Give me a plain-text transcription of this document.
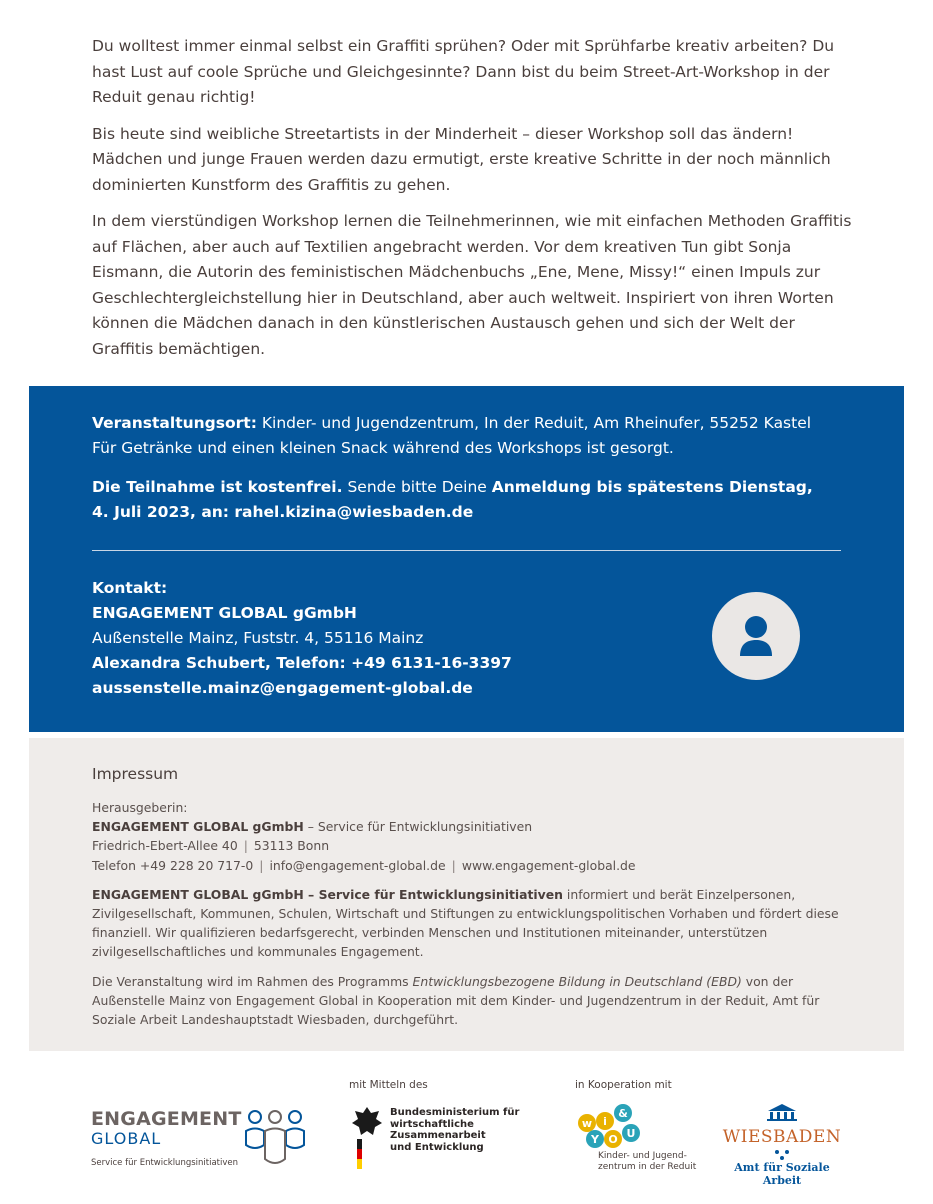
Du wolltest immer einmal selbst ein Graffiti sprühen? Oder mit Sprühfarbe kreativ arbeiten? Du hast Lust auf coole Sprüche und Gleichgesinnte? Dann bist du beim Street-Art-Workshop in der Reduit genau richtig!

Bis heute sind weibliche Streetartists in der Minderheit – dieser Workshop soll das ändern! Mädchen und junge Frauen werden dazu ermutigt, erste kreative Schritte in der noch männlich dominierten Kunstform des Graffitis zu gehen.

In dem vierstündigen Workshop lernen die Teilnehmerinnen, wie mit einfachen Methoden Graffitis auf Flächen, aber auch auf Textilien angebracht werden. Vor dem kreativen Tun gibt Sonja Eismann, die Autorin des feministischen Mädchenbuchs „Ene, Mene, Missy!“ einen Impuls zur Geschlechtergleichstellung hier in Deutschland, aber auch weltweit. Inspiriert von ihren Worten können die Mädchen danach in den künstlerischen Austausch gehen und sich der Welt der Graffitis bemächtigen.

Veranstaltungsort: Kinder- und Jugendzentrum, In der Reduit, Am Rheinufer, 55252 Kastel
Für Getränke und einen kleinen Snack während des Workshops ist gesorgt.
Die Teilnahme ist kostenfrei. Sende bitte Deine Anmeldung bis spätestens Dienstag,
4. Juli 2023, an: rahel.kizina@wiesbaden.de
Kontakt:
ENGAGEMENT GLOBAL gGmbH
Außenstelle Mainz, Fuststr. 4, 55116 Mainz
Alexandra Schubert, Telefon: +49 6131-16-3397
aussenstelle.mainz@engagement-global.de
Impressum

Herausgeberin:
ENGAGEMENT GLOBAL gGmbH – Service für Entwicklungsinitiativen
Friedrich-Ebert-Allee 40 | 53113 Bonn
Telefon +49 228 20 717-0 | info@engagement-global.de | www.engagement-global.de

ENGAGEMENT GLOBAL gGmbH – Service für Entwicklungsinitiativen informiert und berät Einzelpersonen, Zivilgesellschaft, Kommunen, Schulen, Wirtschaft und Stiftungen zu entwicklungspolitischen Vorhaben und fördert diese finanziell. Wir qualifizieren bedarfsgerecht, verbinden Menschen und Institutionen miteinander, unterstützen zivilgesellschaftliches und kommunales Engagement.

Die Veranstaltung wird im Rahmen des Programms Entwicklungsbezogene Bildung in Deutschland (EBD) von der Außenstelle Mainz von Engagement Global in Kooperation mit dem Kinder- und Jugendzentrum in der Reduit, Amt für Soziale Arbeit Landeshauptstadt Wiesbaden, durchgeführt.

ENGAGEMENT
GLOBAL
Service für Entwicklungsinitiativen
mit Mitteln des
Bundesministerium für
wirtschaftliche Zusammenarbeit
und Entwicklung
in Kooperation mit
w i
&
Y O U
Kinder- und Jugend-
zentrum in der Reduit
WIESBADEN
Amt für Soziale Arbeit
